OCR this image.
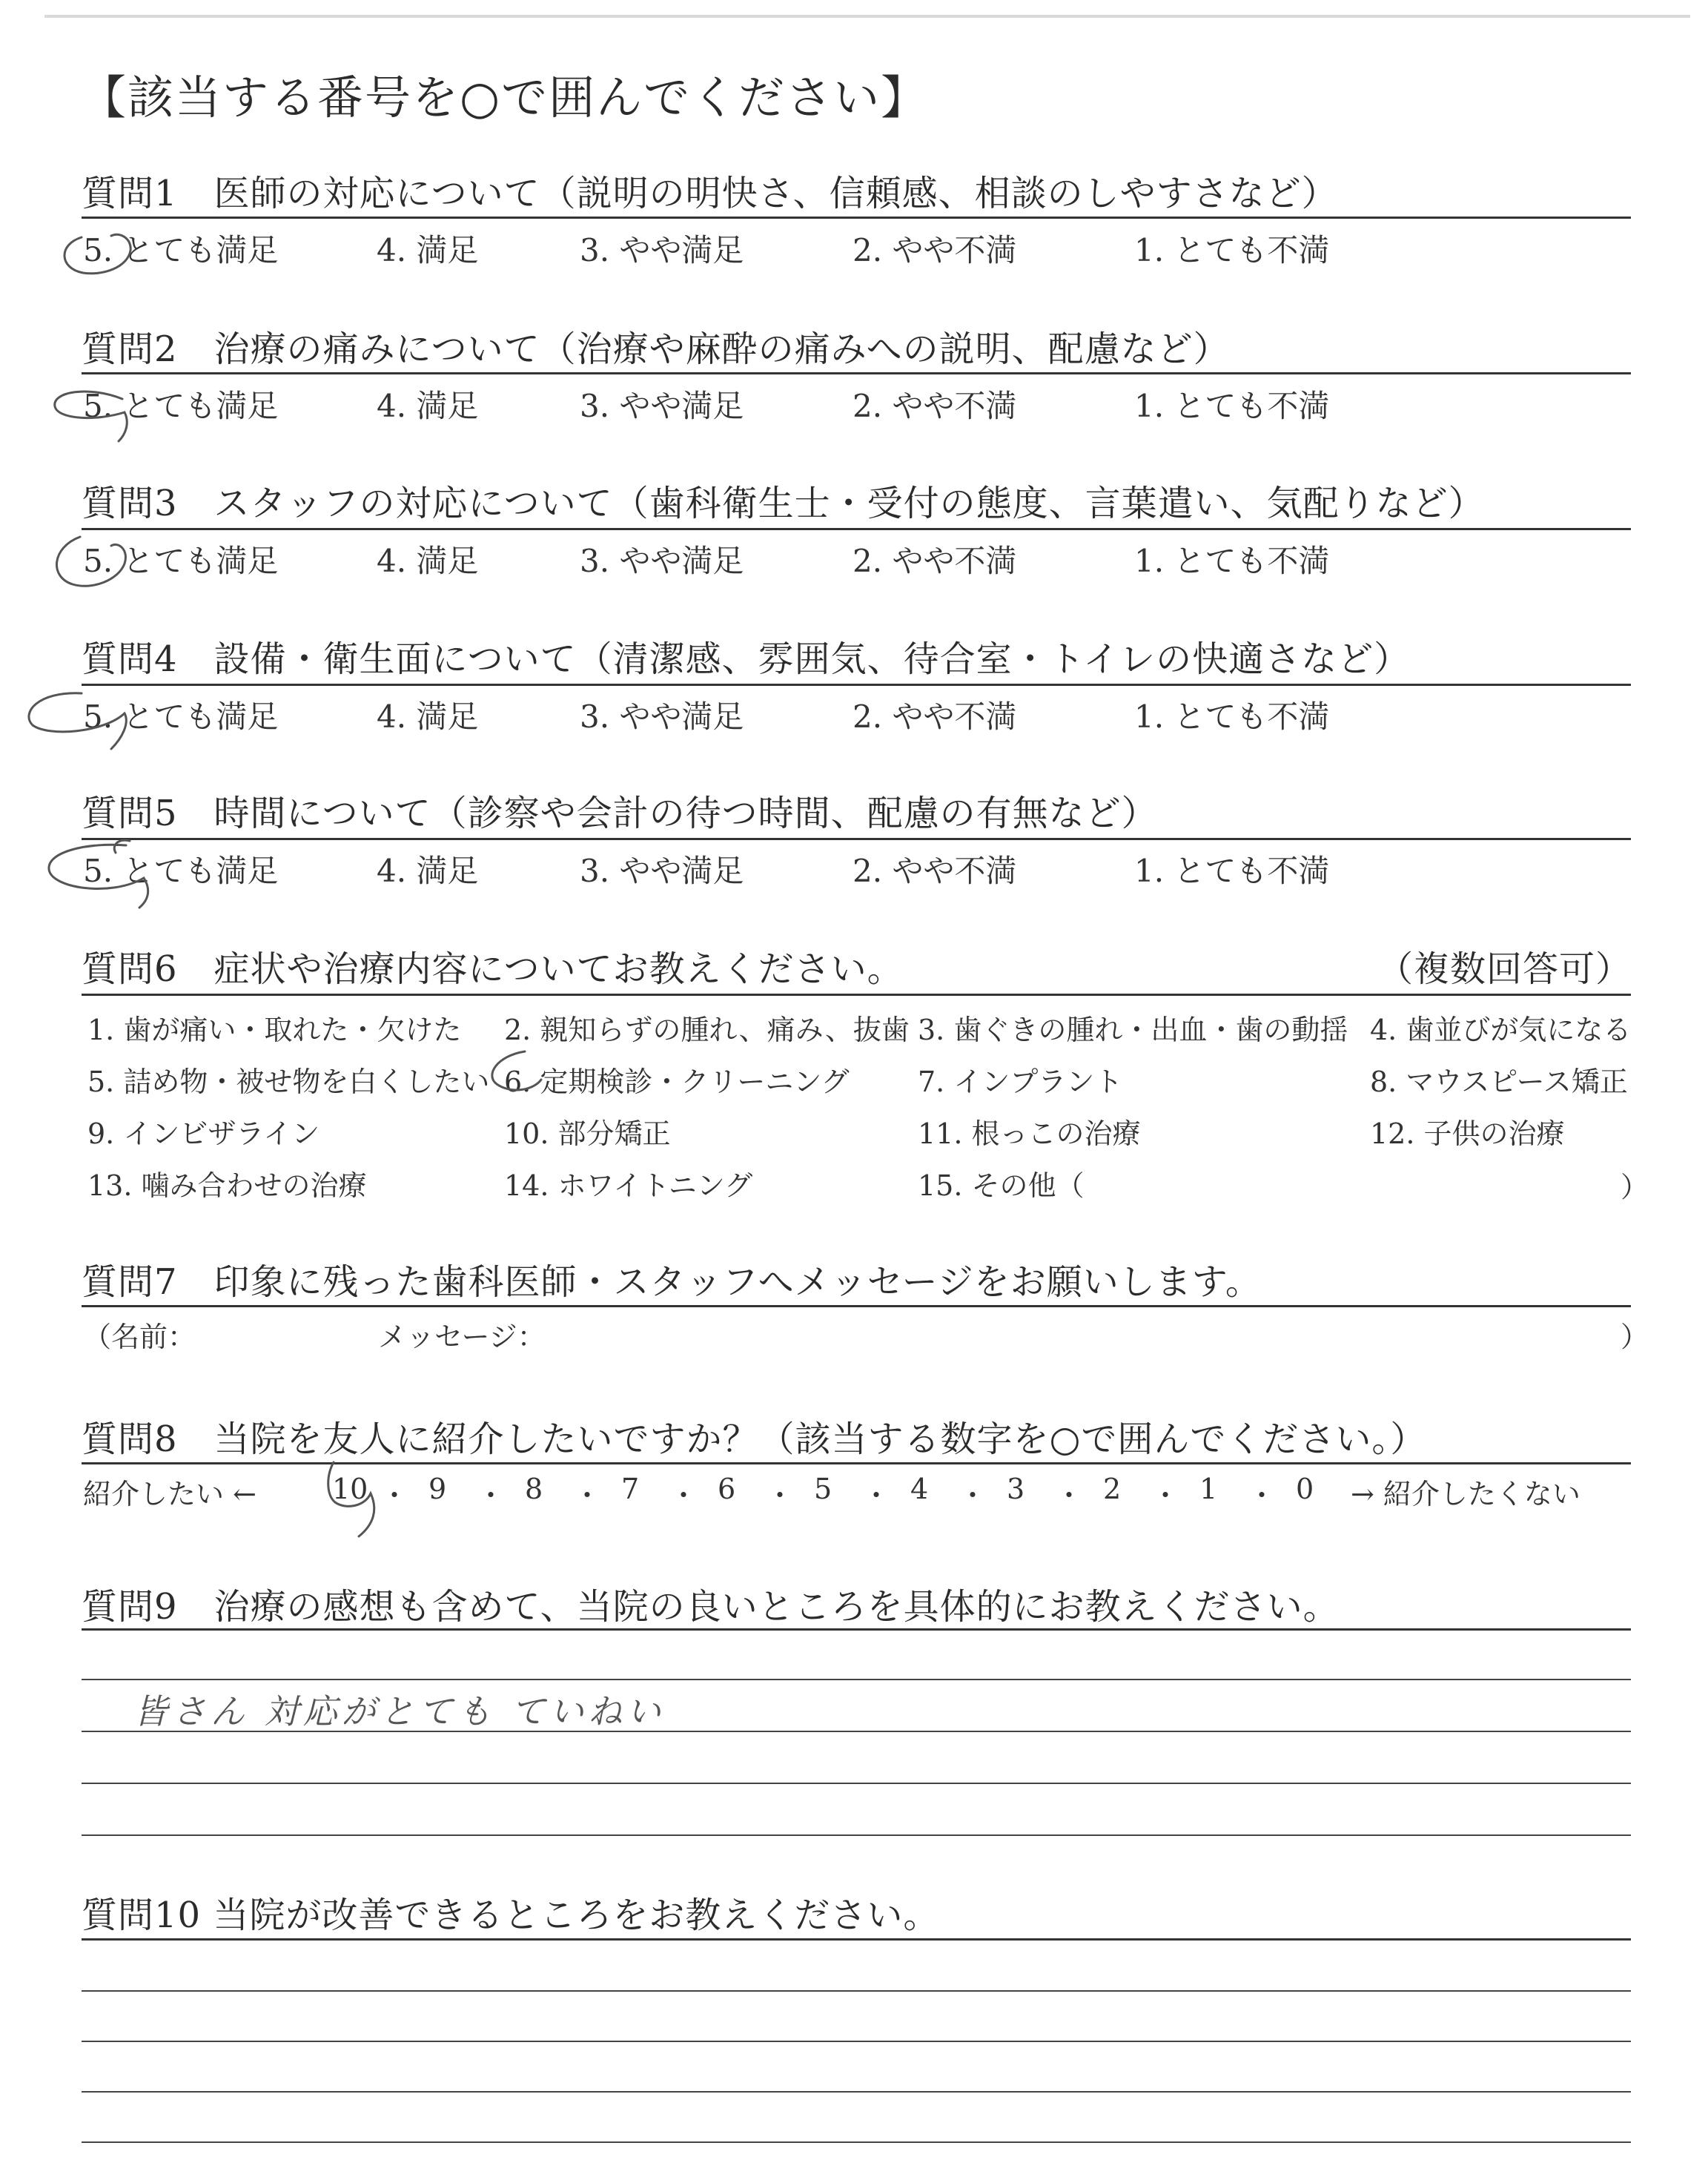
【該当する番号を○で囲んでください】
質問1　医師の対応について（説明の明快さ、信頼感、相談のしやすさなど）
5. とても満足	4. 満足	3. やや満足	2. やや不満	1. とても不満
質問2　治療の痛みについて（治療や麻酔の痛みへの説明、配慮など）
5. とても満足	4. 満足	3. やや満足	2. やや不満	1. とても不満
質問3　スタッフの対応について（歯科衛生士・受付の態度、言葉遣い、気配りなど）
5. とても満足	4. 満足	3. やや満足	2. やや不満	1. とても不満
質問4　設備・衛生面について（清潔感、雰囲気、待合室・トイレの快適さなど）
5. とても満足	4. 満足	3. やや満足	2. やや不満	1. とても不満
質問5　時間について（診察や会計の待つ時間、配慮の有無など）
5. とても満足	4. 満足	3. やや満足	2. やや不満	1. とても不満
質問6　症状や治療内容についてお教えください。	（複数回答可）
1. 歯が痛い・取れた・欠けた 2. 親知らずの腫れ、痛み、抜歯 3. 歯ぐきの腫れ・出血・歯の動揺 4. 歯並びが気になる
5. 詰め物・被せ物を白くしたい 6. 定期検診・クリーニング 7. インプラント	8. マウスピース矯正
9. インビザライン	10. 部分矯正	11. 根っこの治療	12. 子供の治療
13. 噛み合わせの治療	14. ホワイトニング	15. その他（	）
質問7　印象に残った歯科医師・スタッフへメッセージをお願いします。
（名前：	メッセージ：	）
質問8　当院を友人に紹介したいですか？（該当する数字を○で囲んでください。）
紹介したい ←	10 ・ 9 ・ 8 ・ 7 ・ 6 ・ 5 ・ 4 ・ 3 ・ 2 ・ 1 ・ 0 → 紹介したくない
質問9　治療の感想も含めて、当院の良いところを具体的にお教えください。
皆さん 対応がとても ていねい
質問10 当院が改善できるところをお教えください。
